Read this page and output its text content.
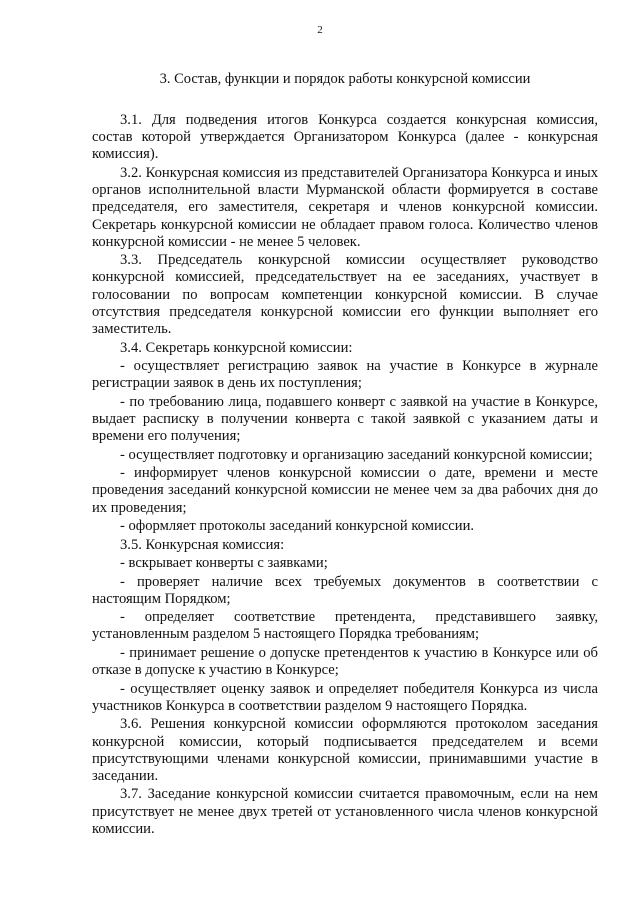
2
3. Состав, функции и порядок работы конкурсной комиссии

3.1. Для подведения итогов Конкурса создается конкурсная комиссия, состав которой утверждается Организатором Конкурса (далее - конкурсная комиссия).

3.2. Конкурсная комиссия из представителей Организатора Конкурса и иных органов исполнительной власти Мурманской области формируется в составе председателя, его заместителя, секретаря и членов конкурсной комиссии. Секретарь конкурсной комиссии не обладает правом голоса. Количество членов конкурсной комиссии - не менее 5 человек.

3.3. Председатель конкурсной комиссии осуществляет руководство конкурсной комиссией, председательствует на ее заседаниях, участвует в голосовании по вопросам компетенции конкурсной комиссии. В случае отсутствия председателя конкурсной комиссии его функции выполняет его заместитель.

3.4. Секретарь конкурсной комиссии:

- осуществляет регистрацию заявок на участие в Конкурсе в журнале регистрации заявок в день их поступления;

- по требованию лица, подавшего конверт с заявкой на участие в Конкурсе, выдает расписку в получении конверта с такой заявкой с указанием даты и времени его получения;

- осуществляет подготовку и организацию заседаний конкурсной комиссии;

- информирует членов конкурсной комиссии о дате, времени и месте проведения заседаний конкурсной комиссии не менее чем за два рабочих дня до их проведения;

- оформляет протоколы заседаний конкурсной комиссии.

3.5. Конкурсная комиссия:

- вскрывает конверты с заявками;

- проверяет наличие всех требуемых документов в соответствии с настоящим Порядком;

- определяет соответствие претендента, представившего заявку, установленным разделом 5 настоящего Порядка требованиям;

- принимает решение о допуске претендентов к участию в Конкурсе или об отказе в допуске к участию в Конкурсе;

- осуществляет оценку заявок и определяет победителя Конкурса из числа участников Конкурса в соответствии разделом 9 настоящего Порядка.

3.6. Решения конкурсной комиссии оформляются протоколом заседания конкурсной комиссии, который подписывается председателем и всеми присутствующими членами конкурсной комиссии, принимавшими участие в заседании.

3.7. Заседание конкурсной комиссии считается правомочным, если на нем присутствует не менее двух третей от установленного числа членов конкурсной комиссии.
